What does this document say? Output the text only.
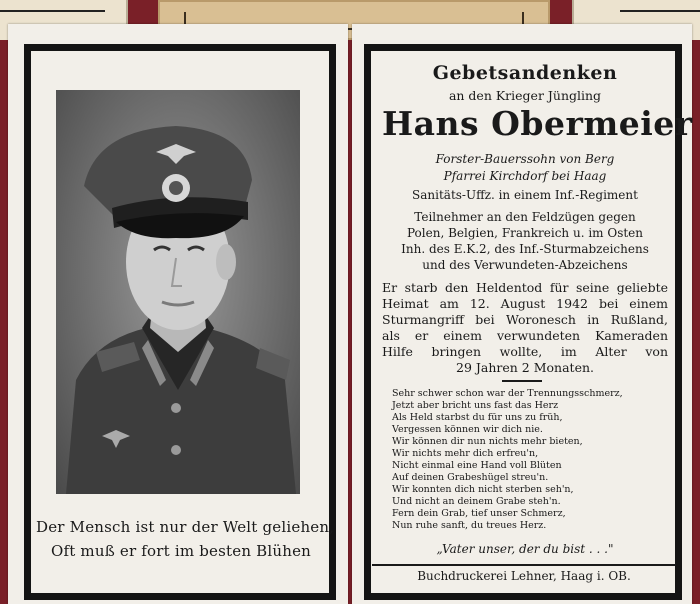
Der Mensch ist nur der Welt geliehen,
Oft muß er fort im besten Blühen
Gebetsandenken
an den Krieger Jüngling
Hans Obermeier
Forster-Bauerssohn von Berg
Pfarrei Kirchdorf bei Haag
Sanitäts-Uffz. in einem Inf.-Regiment
Teilnehmer an den Feldzügen gegen
Polen, Belgien, Frankreich u. im Osten
Inh. des E.K.2, des Inf.-Sturmabzeichens
und des Verwundeten-Abzeichens
Er starb den Heldentod für seine geliebte
Heimat am 12. August 1942 bei einem
Sturmangriff bei Woronesch in Rußland,
als er einem verwundeten Kameraden
Hilfe bringen wollte, im Alter von
29 Jahren 2 Monaten.
Sehr schwer schon war der Trennungsschmerz,
Jetzt aber bricht uns fast das Herz
Als Held starbst du für uns zu früh,
Vergessen können wir dich nie.
Wir können dir nun nichts mehr bieten,
Wir nichts mehr dich erfreu'n,
Nicht einmal eine Hand voll Blüten
Auf deinen Grabeshügel streu'n.
Wir konnten dich nicht sterben seh'n,
Und nicht an deinem Grabe steh'n.
Fern dein Grab, tief unser Schmerz,
Nun ruhe sanft, du treues Herz.
„Vater unser, der du bist . . ."
Buchdruckerei Lehner, Haag i. OB.
